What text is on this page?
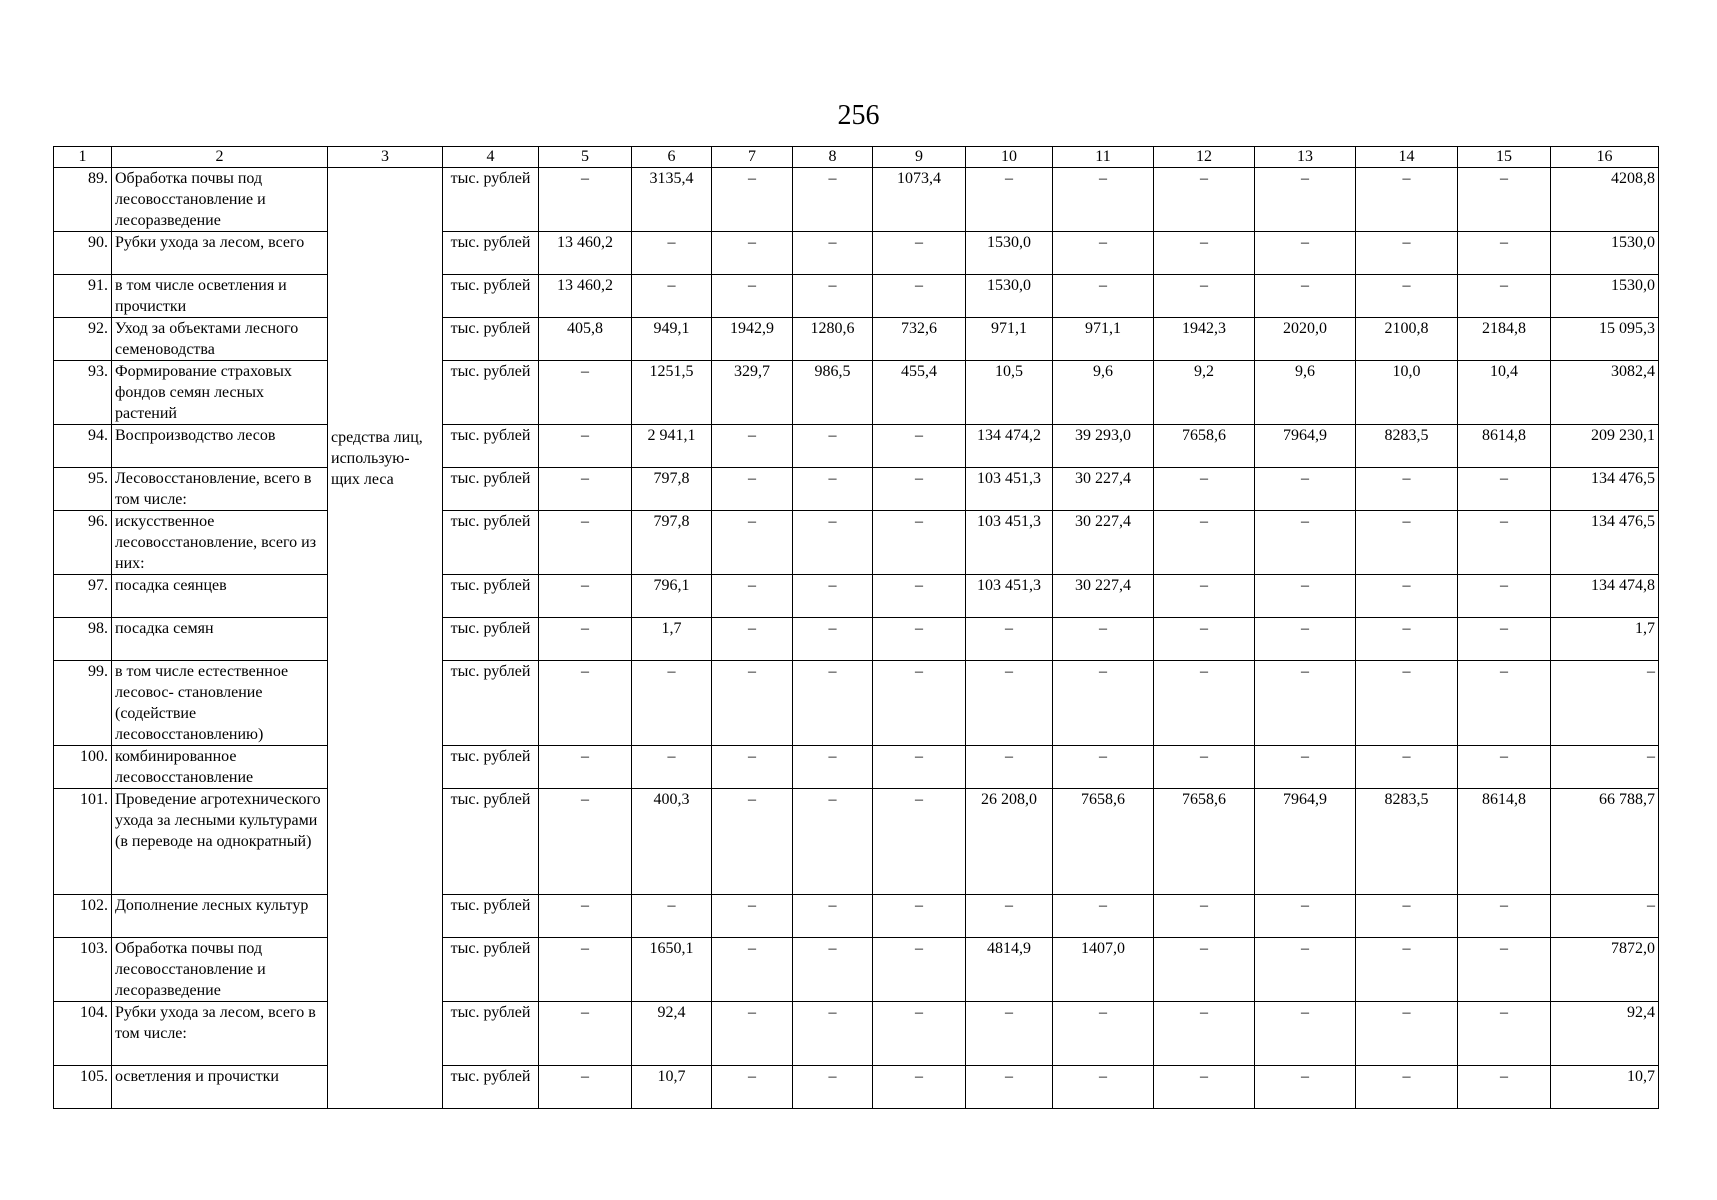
256
1	2	3	4	5	6	7	8	9	10	11	12	13	14	15	16
89.	Обработка почвы под лесовосстановление и лесоразведение	средства лиц, использую- щих леса	тыс. рублей	–	3135,4	–	–	1073,4	–	–	–	–	–	–	4208,8
90.	Рубки ухода за лесом, всего		тыс. рублей	13 460,2	–	–	–	–	1530,0	–	–	–	–	–	1530,0
91.	в том числе осветления и прочистки		тыс. рублей	13 460,2	–	–	–	–	1530,0	–	–	–	–	–	1530,0
92.	Уход за объектами лесного семеноводства		тыс. рублей	405,8	949,1	1942,9	1280,6	732,6	971,1	971,1	1942,3	2020,0	2100,8	2184,8	15 095,3
93.	Формирование страховых фондов семян лесных растений		тыс. рублей	–	1251,5	329,7	986,5	455,4	10,5	9,6	9,2	9,6	10,0	10,4	3082,4
94.	Воспроизводство лесов		тыс. рублей	–	2 941,1	–	–	–	134 474,2	39 293,0	7658,6	7964,9	8283,5	8614,8	209 230,1
95.	Лесовосстановление, всего в том числе:		тыс. рублей	–	797,8	–	–	–	103 451,3	30 227,4	–	–	–	–	134 476,5
96.	искусственное лесовосстановление, всего из них:		тыс. рублей	–	797,8	–	–	–	103 451,3	30 227,4	–	–	–	–	134 476,5
97.	посадка сеянцев		тыс. рублей	–	796,1	–	–	–	103 451,3	30 227,4	–	–	–	–	134 474,8
98.	посадка семян		тыс. рублей	–	1,7	–	–	–	–	–	–	–	–	–	1,7
99.	в том числе естественное лесовос- становление (содействие лесовосстановлению)		тыс. рублей	–	–	–	–	–	–	–	–	–	–	–	–
100.	комбинированное лесовосстановление		тыс. рублей	–	–	–	–	–	–	–	–	–	–	–	–
101.	Проведение агротехнического ухода за лесными культурами (в переводе на однократный)		тыс. рублей	–	400,3	–	–	–	26 208,0	7658,6	7658,6	7964,9	8283,5	8614,8	66 788,7
102.	Дополнение лесных культур		тыс. рублей	–	–	–	–	–	–	–	–	–	–	–	–
103.	Обработка почвы под лесовосстановление и лесоразведение		тыс. рублей	–	1650,1	–	–	–	4814,9	1407,0	–	–	–	–	7872,0
104.	Рубки ухода за лесом, всего в том числе:		тыс. рублей	–	92,4	–	–	–	–	–	–	–	–	–	92,4
105.	осветления и прочистки		тыс. рублей	–	10,7	–	–	–	–	–	–	–	–	–	10,7
